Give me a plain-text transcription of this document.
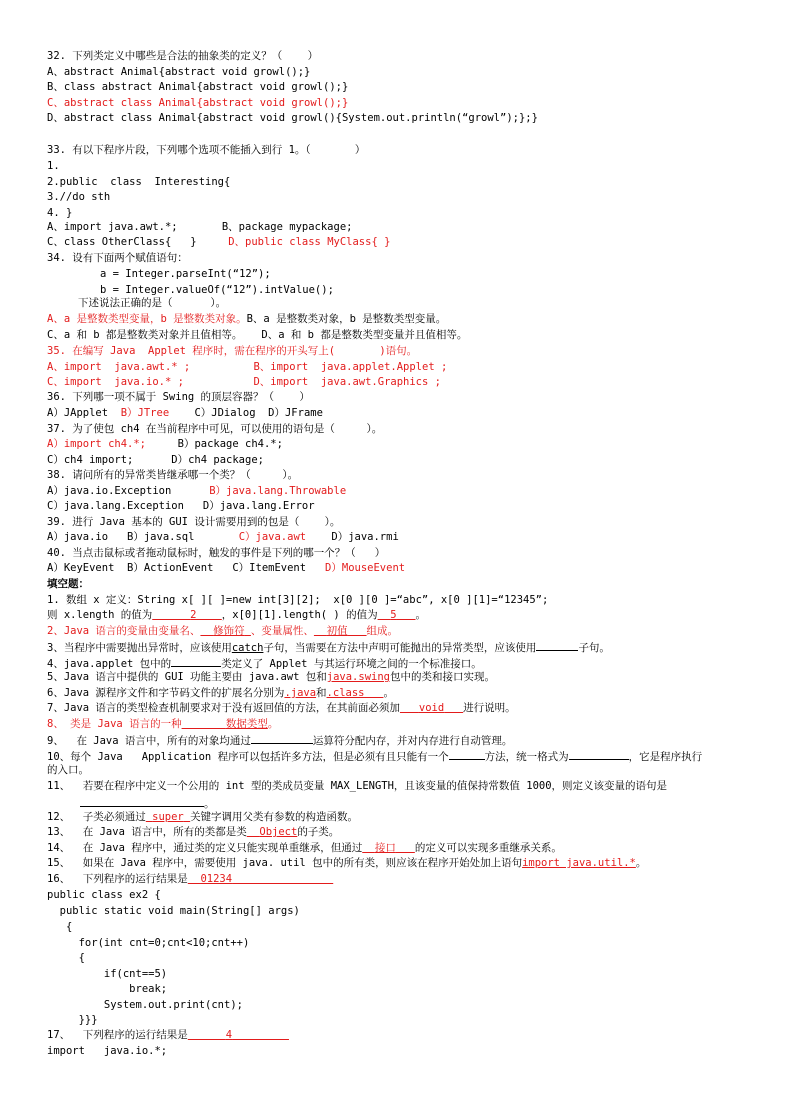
32. 下列类定义中哪些是合法的抽象类的定义？（    ）
A、abstract Animal{abstract void growl();}
B、class abstract Animal{abstract void growl();}
C、abstract class Animal{abstract void growl();}
D、abstract class Animal{abstract void growl(){System.out.println(“growl”);};}
33. 有以下程序片段，下列哪个选项不能插入到行 1。（       ）
1.
2.public  class  Interesting{
3.//do sth
4. }
A、import java.awt.*;       B、package mypackage;
C、class OtherClass{   }     D、public class MyClass{ }
34. 设有下面两个赋值语句：
a = Integer.parseInt(“12”);
b = Integer.valueOf(“12”).intValue();
下述说法正确的是（      ）。
A、a 是整数类型变量，b 是整数类对象。B、a 是整数类对象，b 是整数类型变量。
C、a 和 b 都是整数类对象并且值相等。   D、a 和 b 都是整数类型变量并且值相等。
35. 在编写 Java  Applet 程序时，需在程序的开头写上(       )语句。
A、import  java.awt.* ;          B、import  java.applet.Applet ;
C、import  java.io.* ;           D、import  java.awt.Graphics ;
36. 下列哪一项不属于 Swing 的顶层容器？（    ）
A）JApplet  B）JTree    C）JDialog  D）JFrame
37. 为了使包 ch4 在当前程序中可见，可以使用的语句是（     ）。
A）import ch4.*;     B）package ch4.*;
C）ch4 import;      D）ch4 package;
38. 请问所有的异常类皆继承哪一个类？（     ）。
A）java.io.Exception      B）java.lang.Throwable
C）java.lang.Exception   D）java.lang.Error
39. 进行 Java 基本的 GUI 设计需要用到的包是（    ）。
A）java.io   B）java.sql       C）java.awt    D）java.rmi
40. 当点击鼠标或者拖动鼠标时，触发的事件是下列的哪一个？（   ）
A）KeyEvent  B）ActionEvent   C）ItemEvent   D）MouseEvent
填空题：
1. 数组 x 定义：String x[ ][ ]=new int[3][2];  x[0 ][0 ]=“abc”, x[0 ][1]=“12345”;
则 x.length 的值为	2 ，x[0][1].length( ) 的值为 5 。
2、Java 语言的变量由变量名、 修饰符 、变量属性、 初值 组成。
3、当程序中需要抛出异常时，应该使用catch子句，当需要在方法中声明可能抛出的异常类型，应该使用	子句。
4、java.applet 包中的	类定义了 Applet 与其运行环境之间的一个标准接口。
5、Java 语言中提供的 GUI 功能主要由 java.awt 包和java.swing包中的类和接口实现。
6、Java 源程序文件和字节码文件的扩展名分别为.java和.class 。
7、Java 语言的类型检查机制要求对于没有返回值的方法，在其前面必须加 void 进行说明。
8、 类是 Java 语言的一种	数据类型。
9、  在 Java 语言中，所有的对象均通过	运算符分配内存，并对内存进行自动管理。
10、每个 Java   Application 程序可以包括许多方法，但是必须有且只能有一个	方法，统一格式为	，它是程序执行
的入口。
11、  若要在程序中定义一个公用的 int 型的类成员变量 MAX_LENGTH，且该变量的值保持常数值 1000，则定义该变量的语句是
。
12、  子类必须通过 super 关键字调用父类有参数的构造函数。
13、  在 Java 语言中，所有的类都是类 Object的子类。
14、  在 Java 程序中，通过类的定义只能实现单重继承，但通过 接口 的定义可以实现多重继承关系。
15、  如果在 Java 程序中，需要使用 java. util 包中的所有类，则应该在程序开始处加上语句import java.util.*。
16、  下列程序的运行结果是 01234
public class ex2 {
public static void main(String[] args)
{
for(int cnt=0;cnt<10;cnt++)
{
if(cnt==5)
break;
System.out.print(cnt);
}}}
17、  下列程序的运行结果是	4
import   java.io.*;
